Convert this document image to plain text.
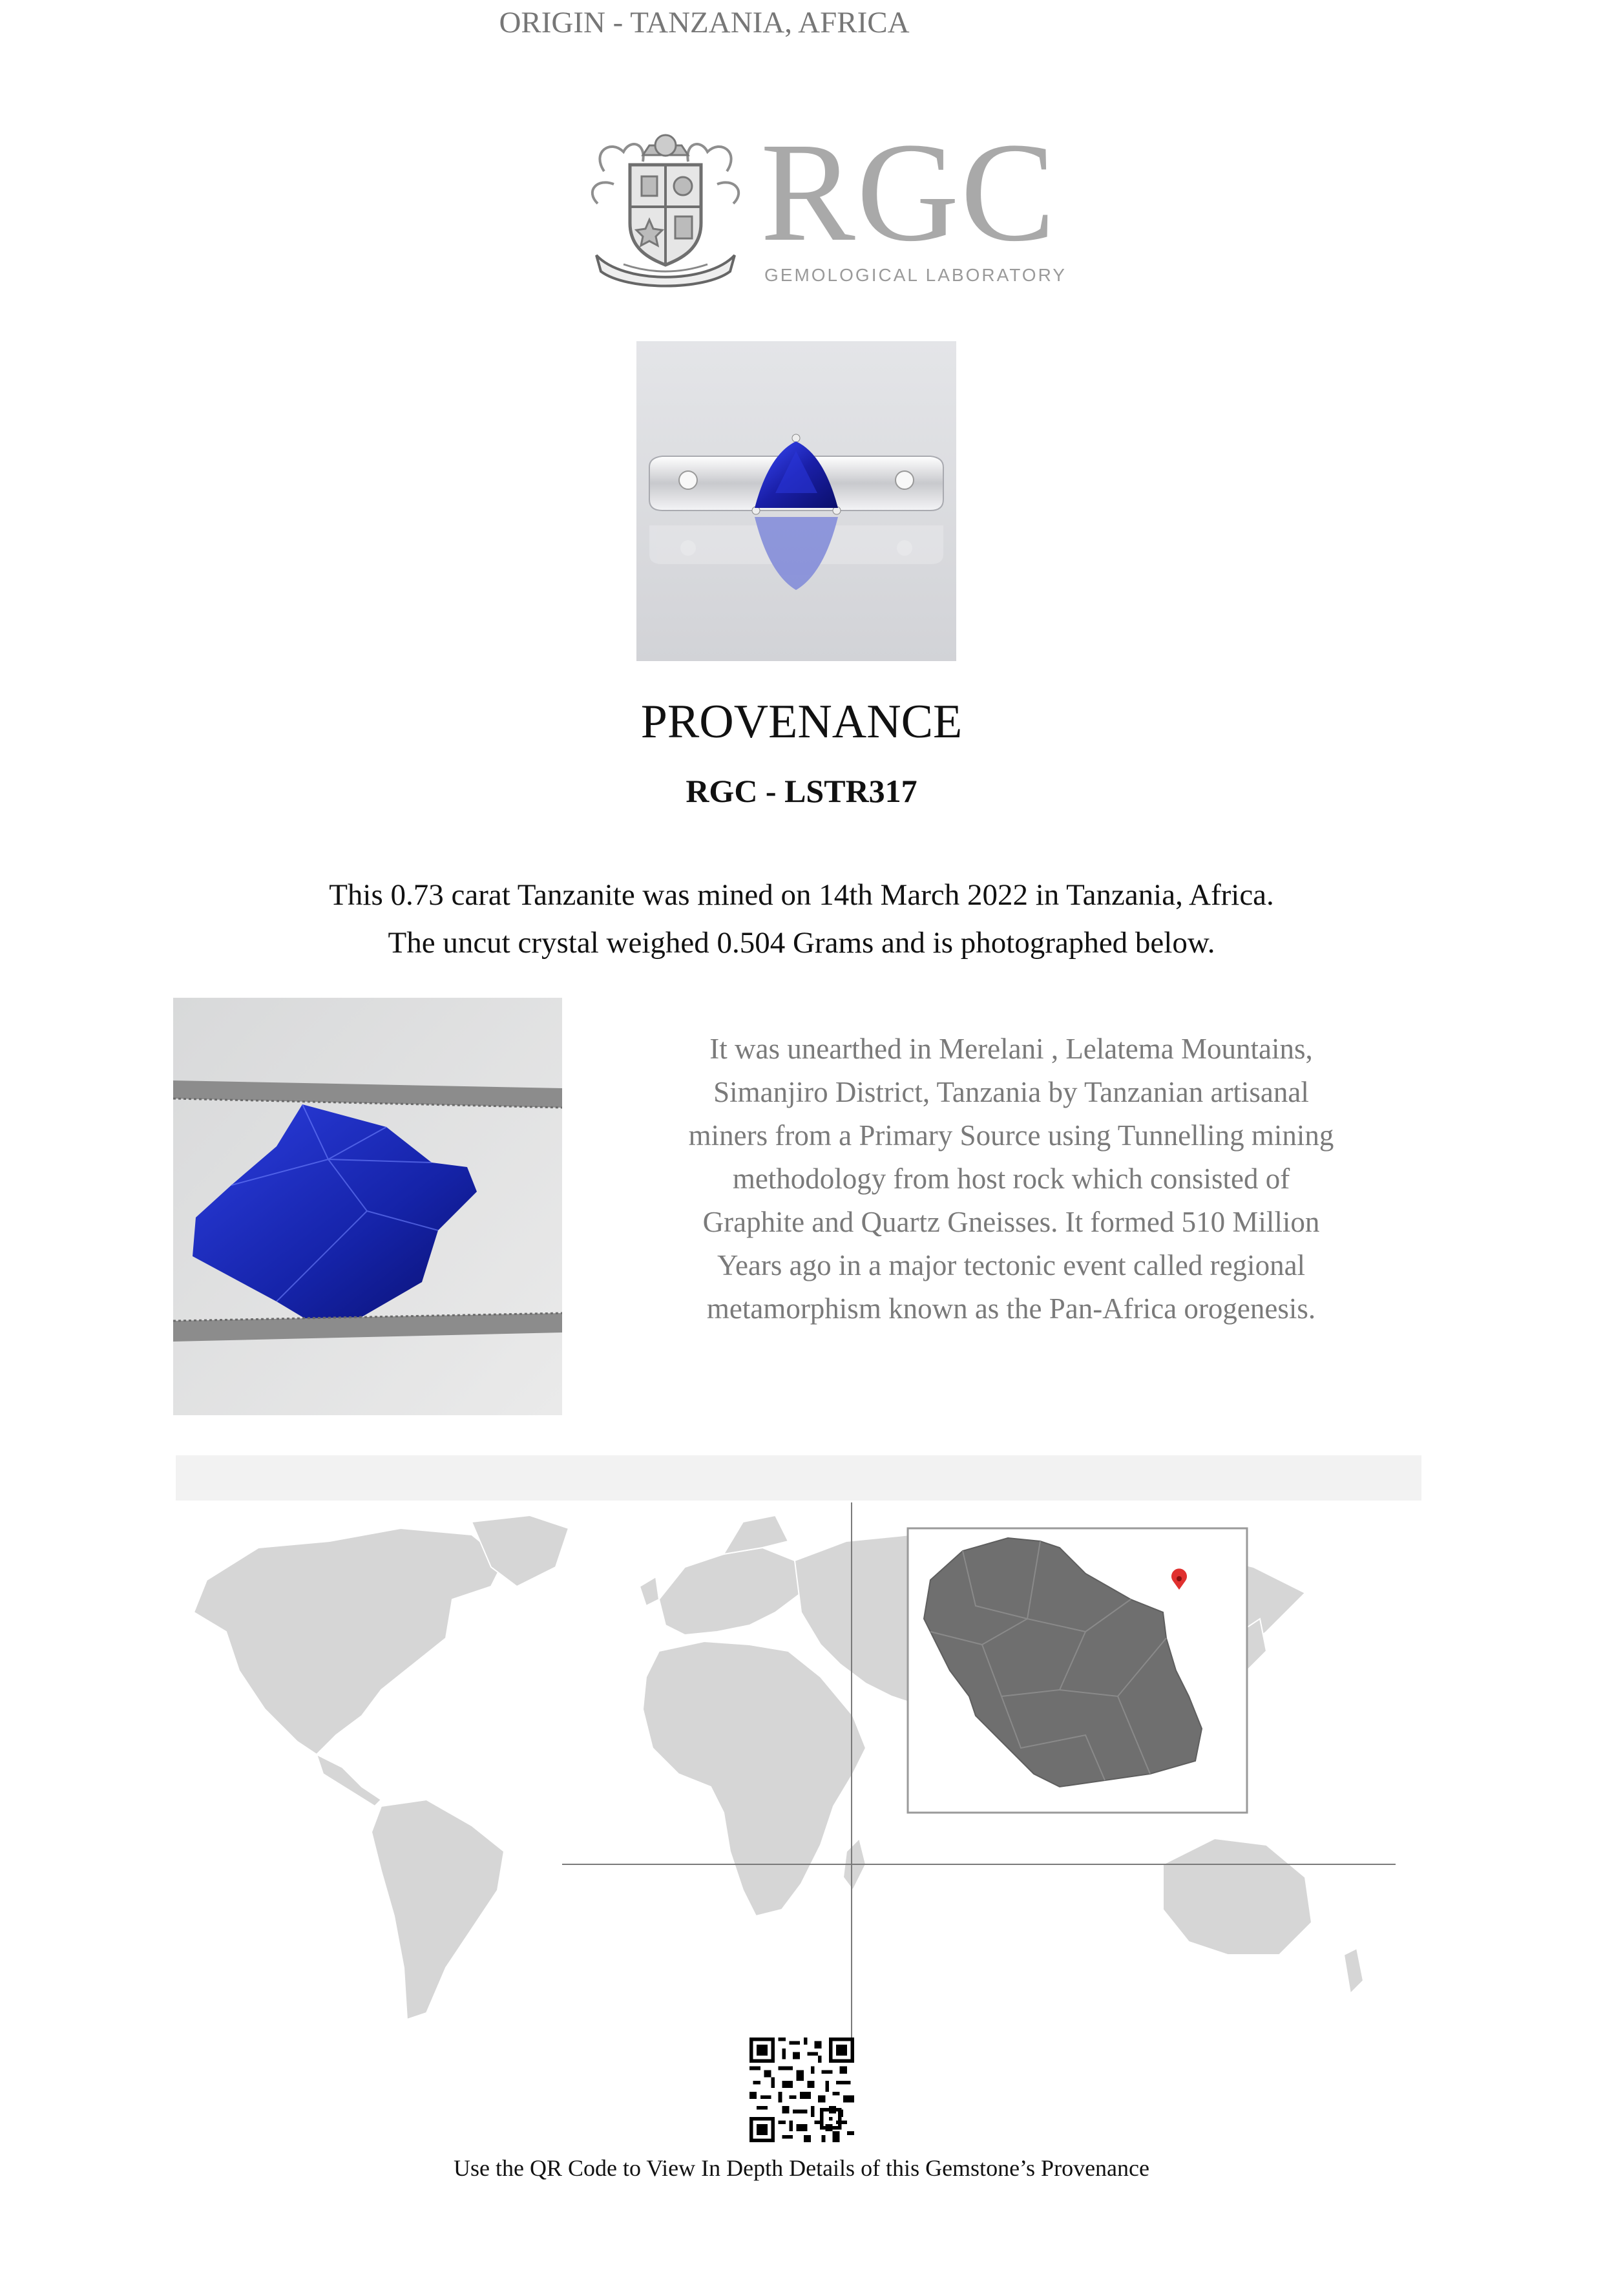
RGC
GEMOLOGICAL LABORATORY
PROVENANCE
RGC - LSTR317
This 0.73 carat Tanzanite was mined on 14th March 2022 in Tanzania, Africa.
The uncut crystal weighed 0.504 Grams and is photographed below.
It was unearthed in Merelani , Lelatema Mountains,
Simanjiro District, Tanzania by Tanzanian artisanal
miners from a Primary Source using Tunnelling mining
methodology from host rock which consisted of
Graphite and Quartz Gneisses. It formed 510 Million
Years ago in a major tectonic event called regional
metamorphism known as the Pan-Africa orogenesis.
ORIGIN - TANZANIA, AFRICA
Use the QR Code to View In Depth Details of this Gemstone’s Provenance
